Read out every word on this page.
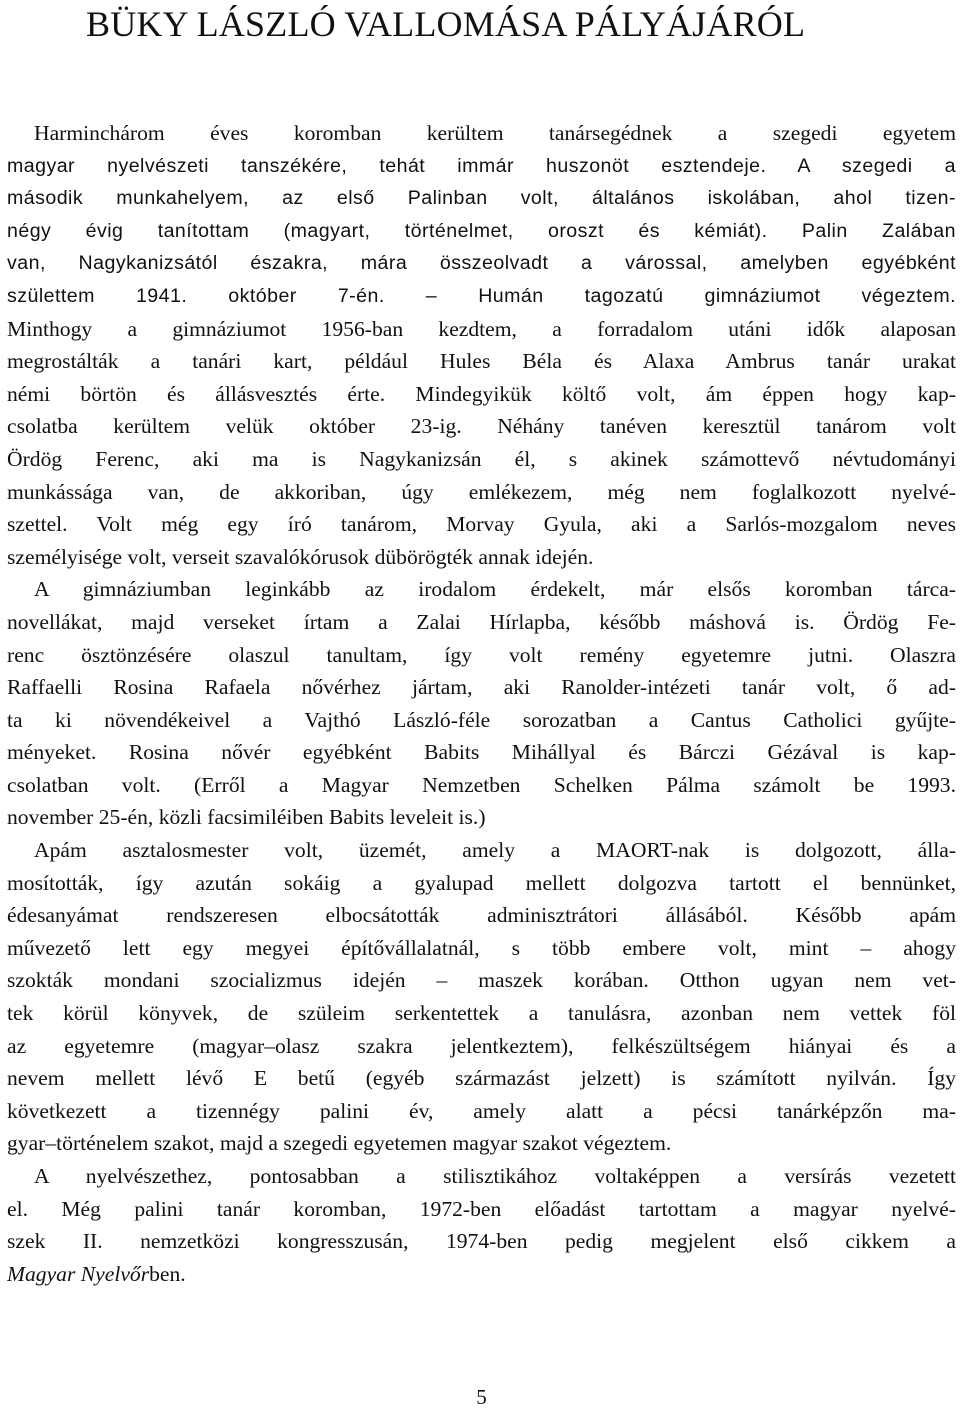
BÜKY LÁSZLÓ VALLOMÁSA PÁLYÁJÁRÓL
Harminchárom éves koromban kerültem tanársegédnek a szegedi egyetem
magyar nyelvészeti tanszékére, tehát immár huszonöt esztendeje. A szegedi a
második munkahelyem, az első Palinban volt, általános iskolában, ahol tizen-
négy évig tanítottam (magyart, történelmet, oroszt és kémiát). Palin Zalában
van, Nagykanizsától északra, mára összeolvadt a várossal, amelyben egyébként
születtem 1941. október 7-én. – Humán tagozatú gimnáziumot végeztem.
Minthogy a gimnáziumot 1956-ban kezdtem, a forradalom utáni idők alaposan
megrostálták a tanári kart, például Hules Béla és Alaxa Ambrus tanár urakat
némi börtön és állásvesztés érte. Mindegyikük költő volt, ám éppen hogy kap-
csolatba kerültem velük október 23-ig. Néhány tanéven keresztül tanárom volt
Ördög Ferenc, aki ma is Nagykanizsán él, s akinek számottevő névtudományi
munkássága van, de akkoriban, úgy emlékezem, még nem foglalkozott nyelvé-
szettel. Volt még egy író tanárom, Morvay Gyula, aki a Sarlós-mozgalom neves
személyisége volt, verseit szavalókórusok dübörögték annak idején.
A gimnáziumban leginkább az irodalom érdekelt, már elsős koromban tárca-
novellákat, majd verseket írtam a Zalai Hírlapba, később máshová is. Ördög Fe-
renc ösztönzésére olaszul tanultam, így volt remény egyetemre jutni. Olaszra
Raffaelli Rosina Rafaela nővérhez jártam, aki Ranolder-intézeti tanár volt, ő ad-
ta ki növendékeivel a Vajthó László-féle sorozatban a Cantus Catholici gyűjte-
ményeket. Rosina nővér egyébként Babits Mihállyal és Bárczi Gézával is kap-
csolatban volt. (Erről a Magyar Nemzetben Schelken Pálma számolt be 1993.
november 25-én, közli facsimiléiben Babits leveleit is.)
Apám asztalosmester volt, üzemét, amely a MAORT-nak is dolgozott, álla-
mosították, így azután sokáig a gyalupad mellett dolgozva tartott el bennünket,
édesanyámat rendszeresen elbocsátották adminisztrátori állásából. Később apám
művezető lett egy megyei építővállalatnál, s több embere volt, mint – ahogy
szokták mondani szocializmus idején – maszek korában. Otthon ugyan nem vet-
tek körül könyvek, de szüleim serkentettek a tanulásra, azonban nem vettek föl
az egyetemre (magyar–olasz szakra jelentkeztem), felkészültségem hiányai és a
nevem mellett lévő E betű (egyéb származást jelzett) is számított nyilván. Így
következett a tizennégy palini év, amely alatt a pécsi tanárképzőn ma-
gyar–történelem szakot, majd a szegedi egyetemen magyar szakot végeztem.
A nyelvészethez, pontosabban a stilisztikához voltaképpen a versírás vezetett
el. Még palini tanár koromban, 1972-ben előadást tartottam a magyar nyelvé-
szek II. nemzetközi kongresszusán, 1974-ben pedig megjelent első cikkem a
Magyar Nyelvőrben.
5
